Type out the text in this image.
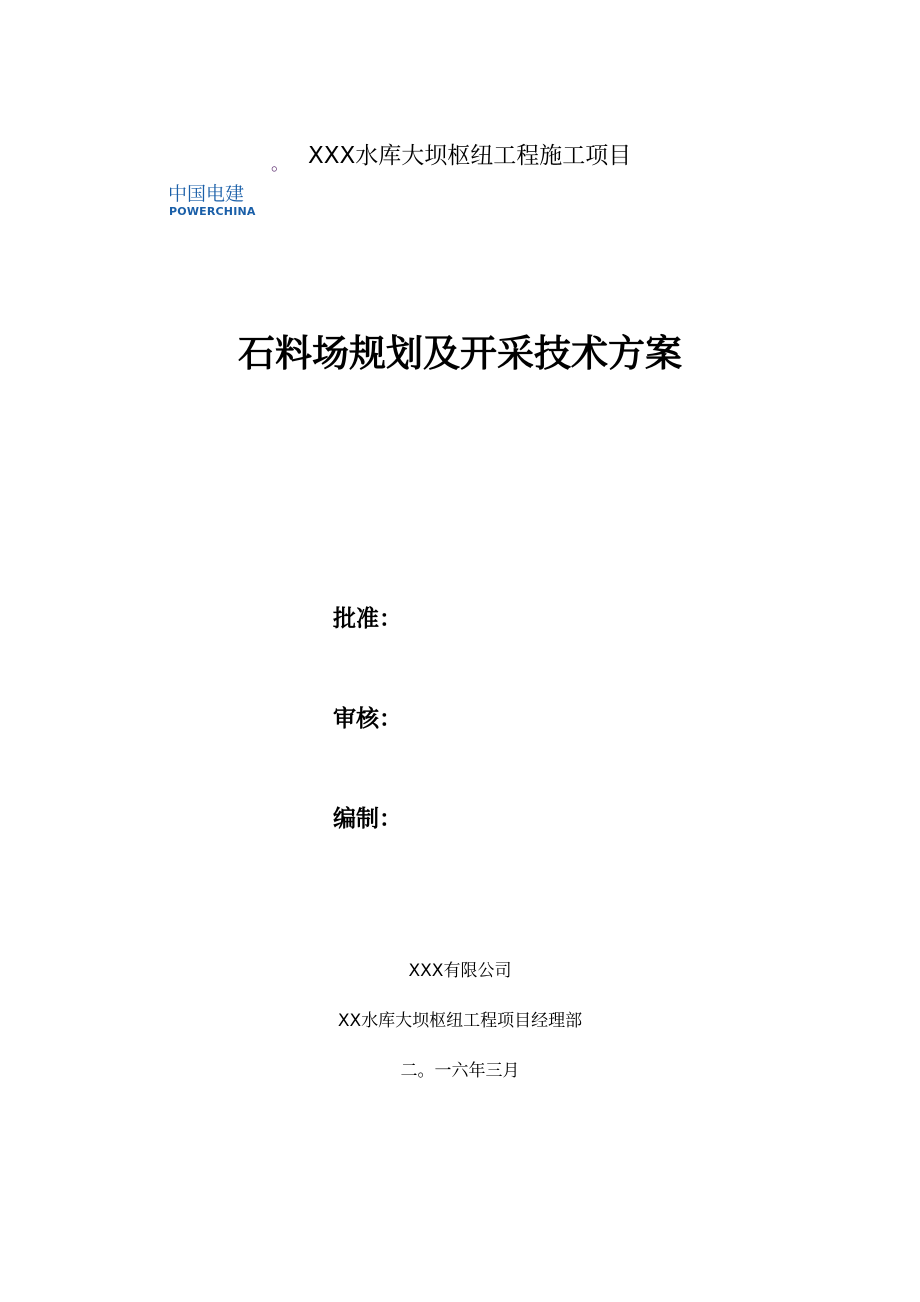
。 XXX水库大坝枢纽工程施工项目
中国电建
POWERCHINA
石料场规划及开采技术方案
批准：
审核：
编制：
XXX有限公司
XX水库大坝枢纽工程项目经理部
二。一六年三月
